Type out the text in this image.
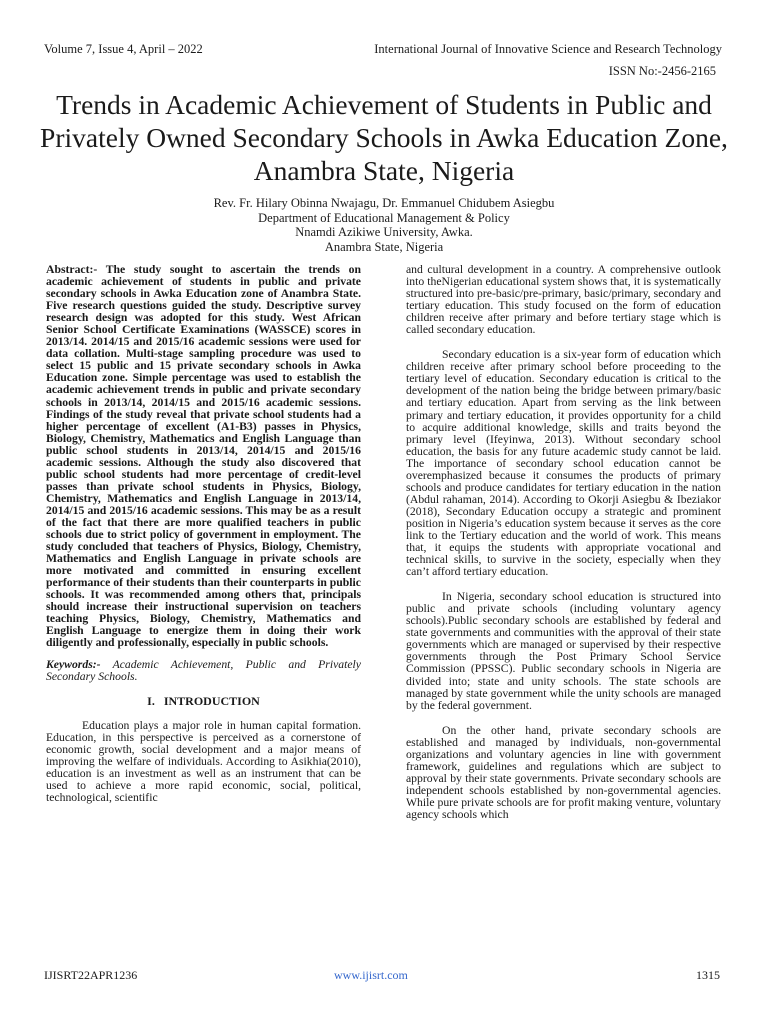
Volume 7, Issue 4, April – 2022	International Journal of Innovative Science and Research Technology
ISSN No:-2456-2165
Trends in Academic Achievement of Students in Public and Privately Owned Secondary Schools in Awka Education Zone, Anambra State, Nigeria
Rev. Fr. Hilary Obinna Nwajagu, Dr. Emmanuel Chidubem Asiegbu
Department of Educational Management & Policy
Nnamdi Azikiwe University, Awka.
Anambra State, Nigeria

Abstract:- The study sought to ascertain the trends on academic achievement of students in public and private secondary schools in Awka Education zone of Anambra State. Five research questions guided the study. Descriptive survey research design was adopted for this study. West African Senior School Certificate Examinations (WASSCE) scores in 2013/14. 2014/15 and 2015/16 academic sessions were used for data collation. Multi-stage sampling procedure was used to select 15 public and 15 private secondary schools in Awka Education zone. Simple percentage was used to establish the academic achievement trends in public and private secondary schools in 2013/14, 2014/15 and 2015/16 academic sessions. Findings of the study reveal that private school students had a higher percentage of excellent (A1-B3) passes in Physics, Biology, Chemistry, Mathematics and English Language than public school students in 2013/14, 2014/15 and 2015/16 academic sessions. Although the study also discovered that public school students had more percentage of credit-level passes than private school students in Physics, Biology, Chemistry, Mathematics and English Language in 2013/14, 2014/15 and 2015/16 academic sessions. This may be as a result of the fact that there are more qualified teachers in public schools due to strict policy of government in employment. The study concluded that teachers of Physics, Biology, Chemistry, Mathematics and English Language in private schools are more motivated and committed in ensuring excellent performance of their students than their counterparts in public schools. It was recommended among others that, principals should increase their instructional supervision on teachers teaching Physics, Biology, Chemistry, Mathematics and English Language to energize them in doing their work diligently and professionally, especially in public schools.

Keywords:- Academic Achievement, Public and Privately Secondary Schools.

I.   INTRODUCTION

Education plays a major role in human capital formation. Education, in this perspective is perceived as a cornerstone of economic growth, social development and a major means of improving the welfare of individuals. According to Asikhia(2010), education is an investment as well as an instrument that can be used to achieve a more rapid economic, social, political, technological, scientific

and cultural development in a country. A comprehensive outlook into theNigerian educational system shows that, it is systematically structured into pre-basic/pre-primary, basic/primary, secondary and tertiary education. This study focused on the form of education children receive after primary and before tertiary stage which is called secondary education.

Secondary education is a six-year form of education which children receive after primary school before proceeding to the tertiary level of education. Secondary education is critical to the development of the nation being the bridge between primary/basic and tertiary education. Apart from serving as the link between primary and tertiary education, it provides opportunity for a child to acquire additional knowledge, skills and traits beyond the primary level (Ifeyinwa, 2013). Without secondary school education, the basis for any future academic study cannot be laid. The importance of secondary school education cannot be overemphasized because it consumes the products of primary schools and produce candidates for tertiary education in the nation (Abdul rahaman, 2014). According to Okorji Asiegbu & Ibeziakor (2018), Secondary Education occupy a strategic and prominent position in Nigeria’s education system because it serves as the core link to the Tertiary education and the world of work. This means that, it equips the students with appropriate vocational and technical skills, to survive in the society, especially when they can’t afford tertiary education.

In Nigeria, secondary school education is structured into public and private schools (including voluntary agency schools).Public secondary schools are established by federal and state governments and communities with the approval of their state governments which are managed or supervised by their respective governments through the Post Primary School Service Commission (PPSSC). Public secondary schools in Nigeria are divided into; state and unity schools. The state schools are managed by state government while the unity schools are managed by the federal government.

On the other hand, private secondary schools are established and managed by individuals, non-governmental organizations and voluntary agencies in line with government framework, guidelines and regulations which are subject to approval by their state governments. Private secondary schools are independent schools established by non-governmental agencies. While pure private schools are for profit making venture, voluntary agency schools which

IJISRT22APR1236	www.ijisrt.com	1315
